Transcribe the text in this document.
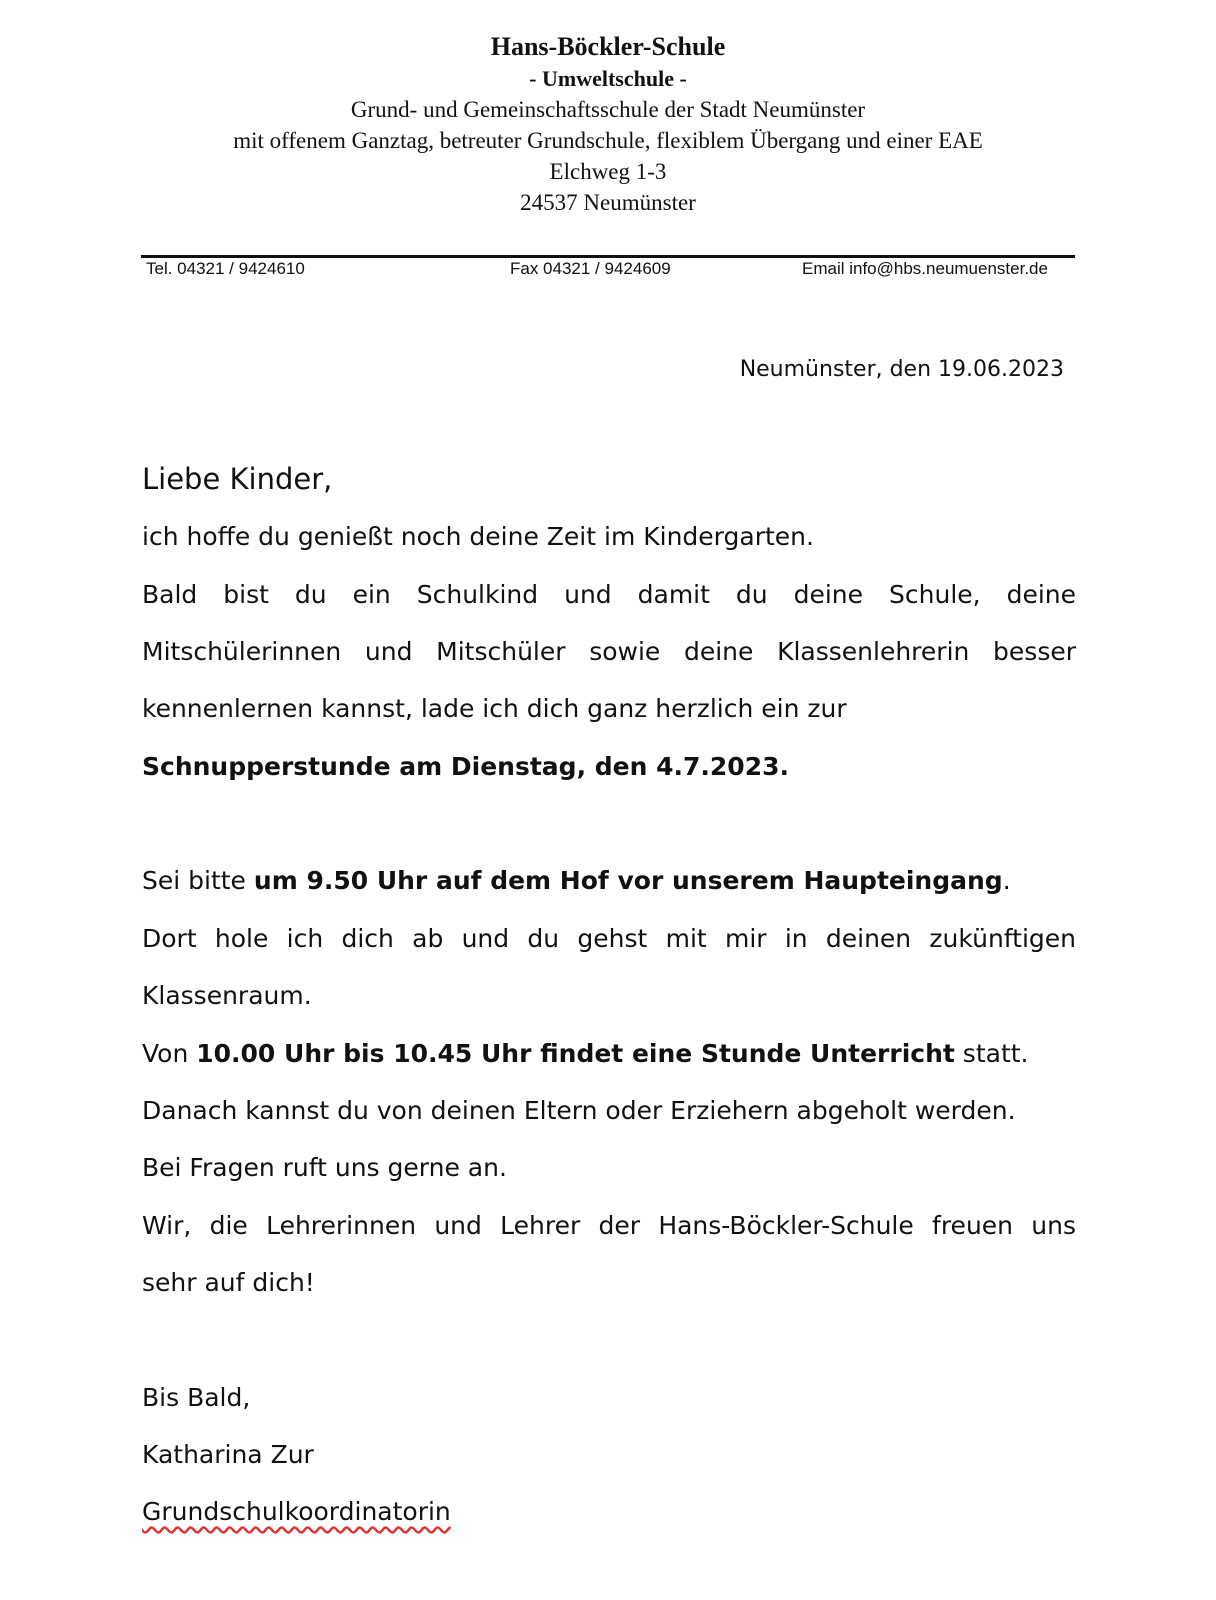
Hans-Böckler-Schule
- Umweltschule -
Grund- und Gemeinschaftsschule der Stadt Neumünster
mit offenem Ganztag, betreuter Grundschule, flexiblem Übergang und einer EAE
Elchweg 1-3
24537 Neumünster
Tel. 04321 / 9424610	Fax 04321 / 9424609	Email info@hbs.neumuenster.de
Neumünster, den 19.06.2023
Liebe Kinder,
ich hoffe du genießt noch deine Zeit im Kindergarten.
Bald bist du ein Schulkind und damit du deine Schule, deine
Mitschülerinnen und Mitschüler sowie deine Klassenlehrerin besser
kennenlernen kannst, lade ich dich ganz herzlich ein zur
Schnupperstunde am Dienstag, den 4.7.2023.
Sei bitte um 9.50 Uhr auf dem Hof vor unserem Haupteingang.
Dort hole ich dich ab und du gehst mit mir in deinen zukünftigen
Klassenraum.
Von 10.00 Uhr bis 10.45 Uhr findet eine Stunde Unterricht statt.
Danach kannst du von deinen Eltern oder Erziehern abgeholt werden.
Bei Fragen ruft uns gerne an.
Wir, die Lehrerinnen und Lehrer der Hans-Böckler-Schule freuen uns
sehr auf dich!
Bis Bald,
Katharina Zur
Grundschulkoordinatorin
